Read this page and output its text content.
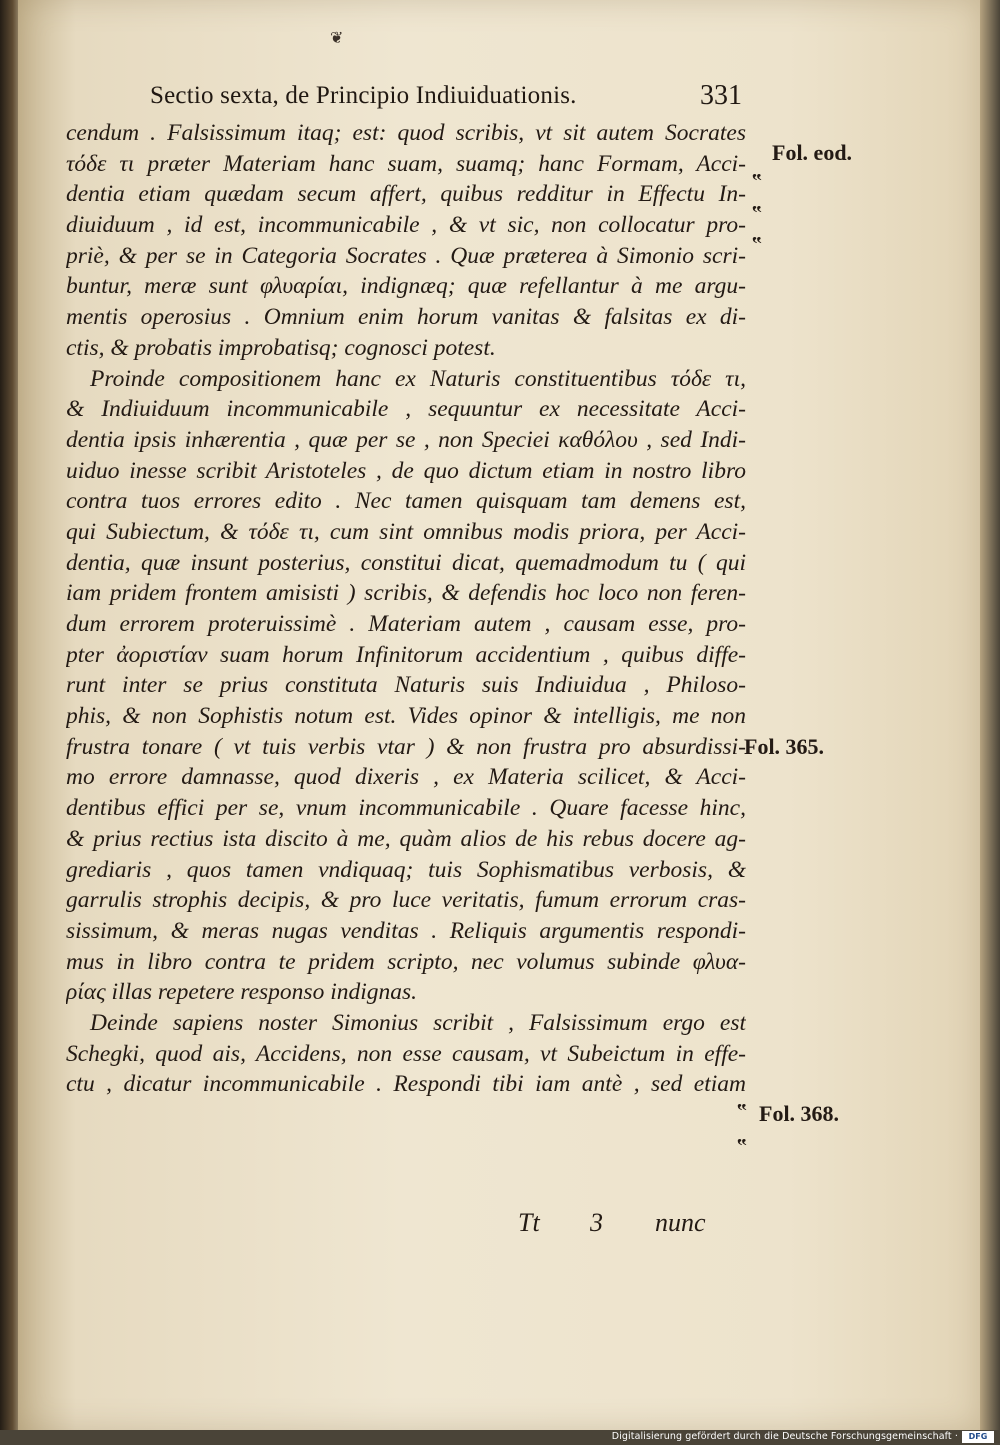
❦
Sectio sexta, de Principio Indiuiduationis.	331
cendum . Falsissimum itaq; est: quod scribis, vt sit autem Socrates
τόδε τι præter Materiam hanc suam, suamq; hanc Formam, Acci-
dentia etiam quædam secum affert, quibus redditur in Effectu In-
diuiduum , id est, incommunicabile , & vt sic, non collocatur pro-
priè, & per se in Categoria Socrates . Quæ præterea à Simonio scri-
buntur, meræ sunt φλυαρίαι, indignæq; quæ refellantur à me argu-
mentis operosius . Omnium enim horum vanitas & falsitas ex di-
ctis, & probatis improbatisq; cognosci potest.
Proinde compositionem hanc ex Naturis constituentibus τόδε τι,
& Indiuiduum incommunicabile , sequuntur ex necessitate Acci-
dentia ipsis inhærentia , quæ per se , non Speciei καθόλου , sed Indi-
uiduo inesse scribit Aristoteles , de quo dictum etiam in nostro libro
contra tuos errores edito . Nec tamen quisquam tam demens est,
qui Subiectum, & τόδε τι, cum sint omnibus modis priora, per Acci-
dentia, quæ insunt posterius, constitui dicat, quemadmodum tu ( qui
iam pridem frontem amisisti ) scribis, & defendis hoc loco non feren-
dum errorem proteruissimè . Materiam autem , causam esse, pro-
pter ἀοριστίαν suam horum Infinitorum accidentium , quibus diffe-
runt inter se prius constituta Naturis suis Indiuidua , Philoso-
phis, & non Sophistis notum est. Vides opinor & intelligis, me non
frustra tonare ( vt tuis verbis vtar ) & non frustra pro absurdissi-
mo errore damnasse, quod dixeris , ex Materia scilicet, & Acci-
dentibus effici per se, vnum incommunicabile . Quare facesse hinc,
& prius rectius ista discito à me, quàm alios de his rebus docere ag-
grediaris , quos tamen vndiquaq; tuis Sophismatibus verbosis, &
garrulis strophis decipis, & pro luce veritatis, fumum errorum cras-
sissimum, & meras nugas venditas . Reliquis argumentis respondi-
mus in libro contra te pridem scripto, nec volumus subinde φλυα-
ρίας illas repetere responso indignas.
Deinde sapiens noster Simonius scribit , Falsissimum ergo est
Schegki, quod ais, Accidens, non esse causam, vt Subeictum in effe-
ctu , dicatur incommunicabile . Respondi tibi iam antè , sed etiam
Fol. eod.
‟
‟
‟
Fol. 365.
‟ Fol. 368.
‟
Tt 3 nunc
Digitalisierung gefördert durch die Deutsche Forschungsgemeinschaft ·	DFG
